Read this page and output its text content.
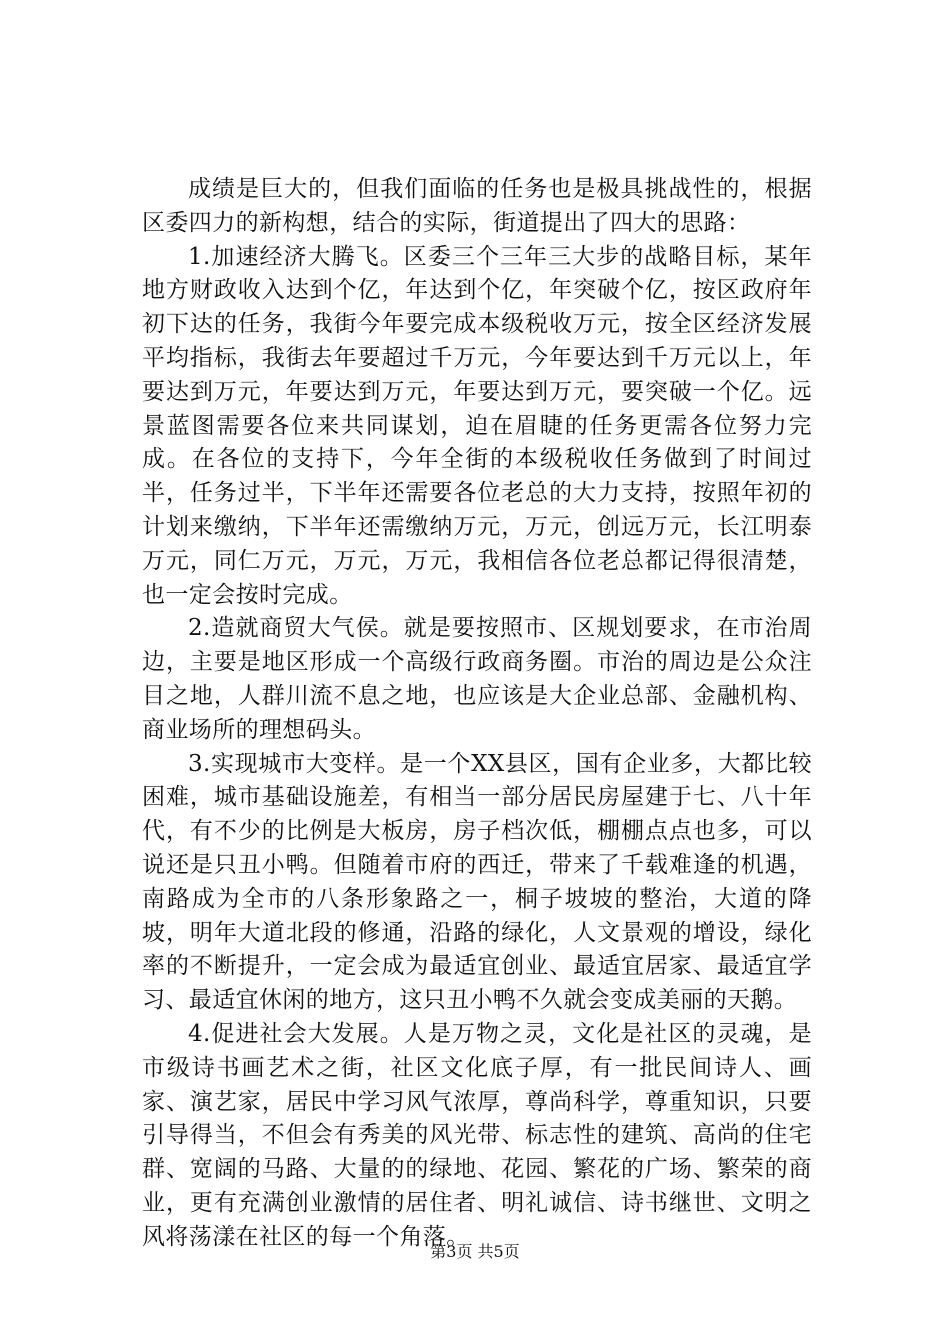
成绩是巨大的，但我们面临的任务也是极具挑战性的，根据区委四力的新构想，结合的实际，街道提出了四大的思路：

1.加速经济大腾飞。区委三个三年三大步的战略目标，某年地方财政收入达到个亿，年达到个亿，年突破个亿，按区政府年初下达的任务，我街今年要完成本级税收万元，按全区经济发展平均指标，我街去年要超过千万元，今年要达到千万元以上，年要达到万元，年要达到万元，年要达到万元，要突破一个亿。远景蓝图需要各位来共同谋划，迫在眉睫的任务更需各位努力完成。在各位的支持下，今年全街的本级税收任务做到了时间过半，任务过半，下半年还需要各位老总的大力支持，按照年初的计划来缴纳，下半年还需缴纳万元，万元，创远万元，长江明泰万元，同仁万元，万元，万元，我相信各位老总都记得很清楚，也一定会按时完成。

2.造就商贸大气侯。就是要按照市、区规划要求，在市治周边，主要是地区形成一个高级行政商务圈。市治的周边是公众注目之地，人群川流不息之地，也应该是大企业总部、金融机构、商业场所的理想码头。

3.实现城市大变样。是一个XX县区，国有企业多，大都比较困难，城市基础设施差，有相当一部分居民房屋建于七、八十年代，有不少的比例是大板房，房子档次低，棚棚点点也多，可以说还是只丑小鸭。但随着市府的西迁，带来了千载难逢的机遇，南路成为全市的八条形象路之一，桐子坡坡的整治，大道的降坡，明年大道北段的修通，沿路的绿化，人文景观的增设，绿化率的不断提升，一定会成为最适宜创业、最适宜居家、最适宜学习、最适宜休闲的地方，这只丑小鸭不久就会变成美丽的天鹅。

4.促进社会大发展。人是万物之灵，文化是社区的灵魂，是市级诗书画艺术之街，社区文化底子厚，有一批民间诗人、画家、演艺家，居民中学习风气浓厚，尊尚科学，尊重知识，只要引导得当，不但会有秀美的风光带、标志性的建筑、高尚的住宅群、宽阔的马路、大量的的绿地、花园、繁花的广场、繁荣的商业，更有充满创业激情的居住者、明礼诚信、诗书继世、文明之风将荡漾在社区的每一个角落。

第3页 共5页
